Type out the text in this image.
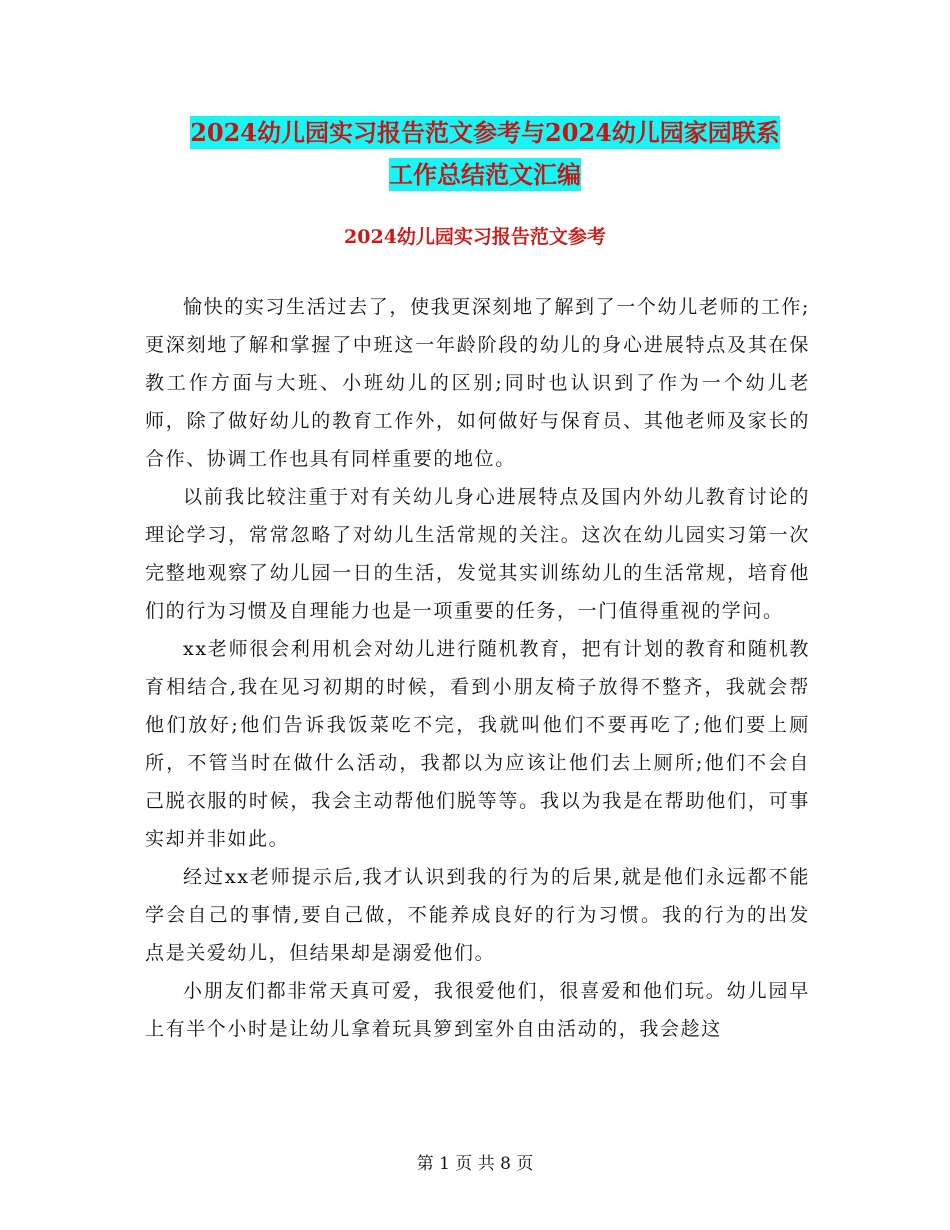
2024幼儿园实习报告范文参考与2024幼儿园家园联系
工作总结范文汇编
2024幼儿园实习报告范文参考

愉快的实习生活过去了，使我更深刻地了解到了一个幼儿老师的工作;更深刻地了解和掌握了中班这一年龄阶段的幼儿的身心进展特点及其在保教工作方面与大班、小班幼儿的区别;同时也认识到了作为一个幼儿老师，除了做好幼儿的教育工作外，如何做好与保育员、其他老师及家长的合作、协调工作也具有同样重要的地位。

以前我比较注重于对有关幼儿身心进展特点及国内外幼儿教育讨论的理论学习，常常忽略了对幼儿生活常规的关注。这次在幼儿园实习第一次完整地观察了幼儿园一日的生活，发觉其实训练幼儿的生活常规，培育他们的行为习惯及自理能力也是一项重要的任务，一门值得重视的学问。

xx老师很会利用机会对幼儿进行随机教育，把有计划的教育和随机教育相结合,我在见习初期的时候，看到小朋友椅子放得不整齐，我就会帮他们放好;他们告诉我饭菜吃不完，我就叫他们不要再吃了;他们要上厕所，不管当时在做什么活动，我都以为应该让他们去上厕所;他们不会自己脱衣服的时候，我会主动帮他们脱等等。我以为我是在帮助他们，可事实却并非如此。

经过xx老师提示后,我才认识到我的行为的后果,就是他们永远都不能学会自己的事情,要自己做，不能养成良好的行为习惯。我的行为的出发点是关爱幼儿，但结果却是溺爱他们。

小朋友们都非常天真可爱，我很爱他们，很喜爱和他们玩。幼儿园早上有半个小时是让幼儿拿着玩具箩到室外自由活动的，我会趁这

第 1 页 共 8 页
